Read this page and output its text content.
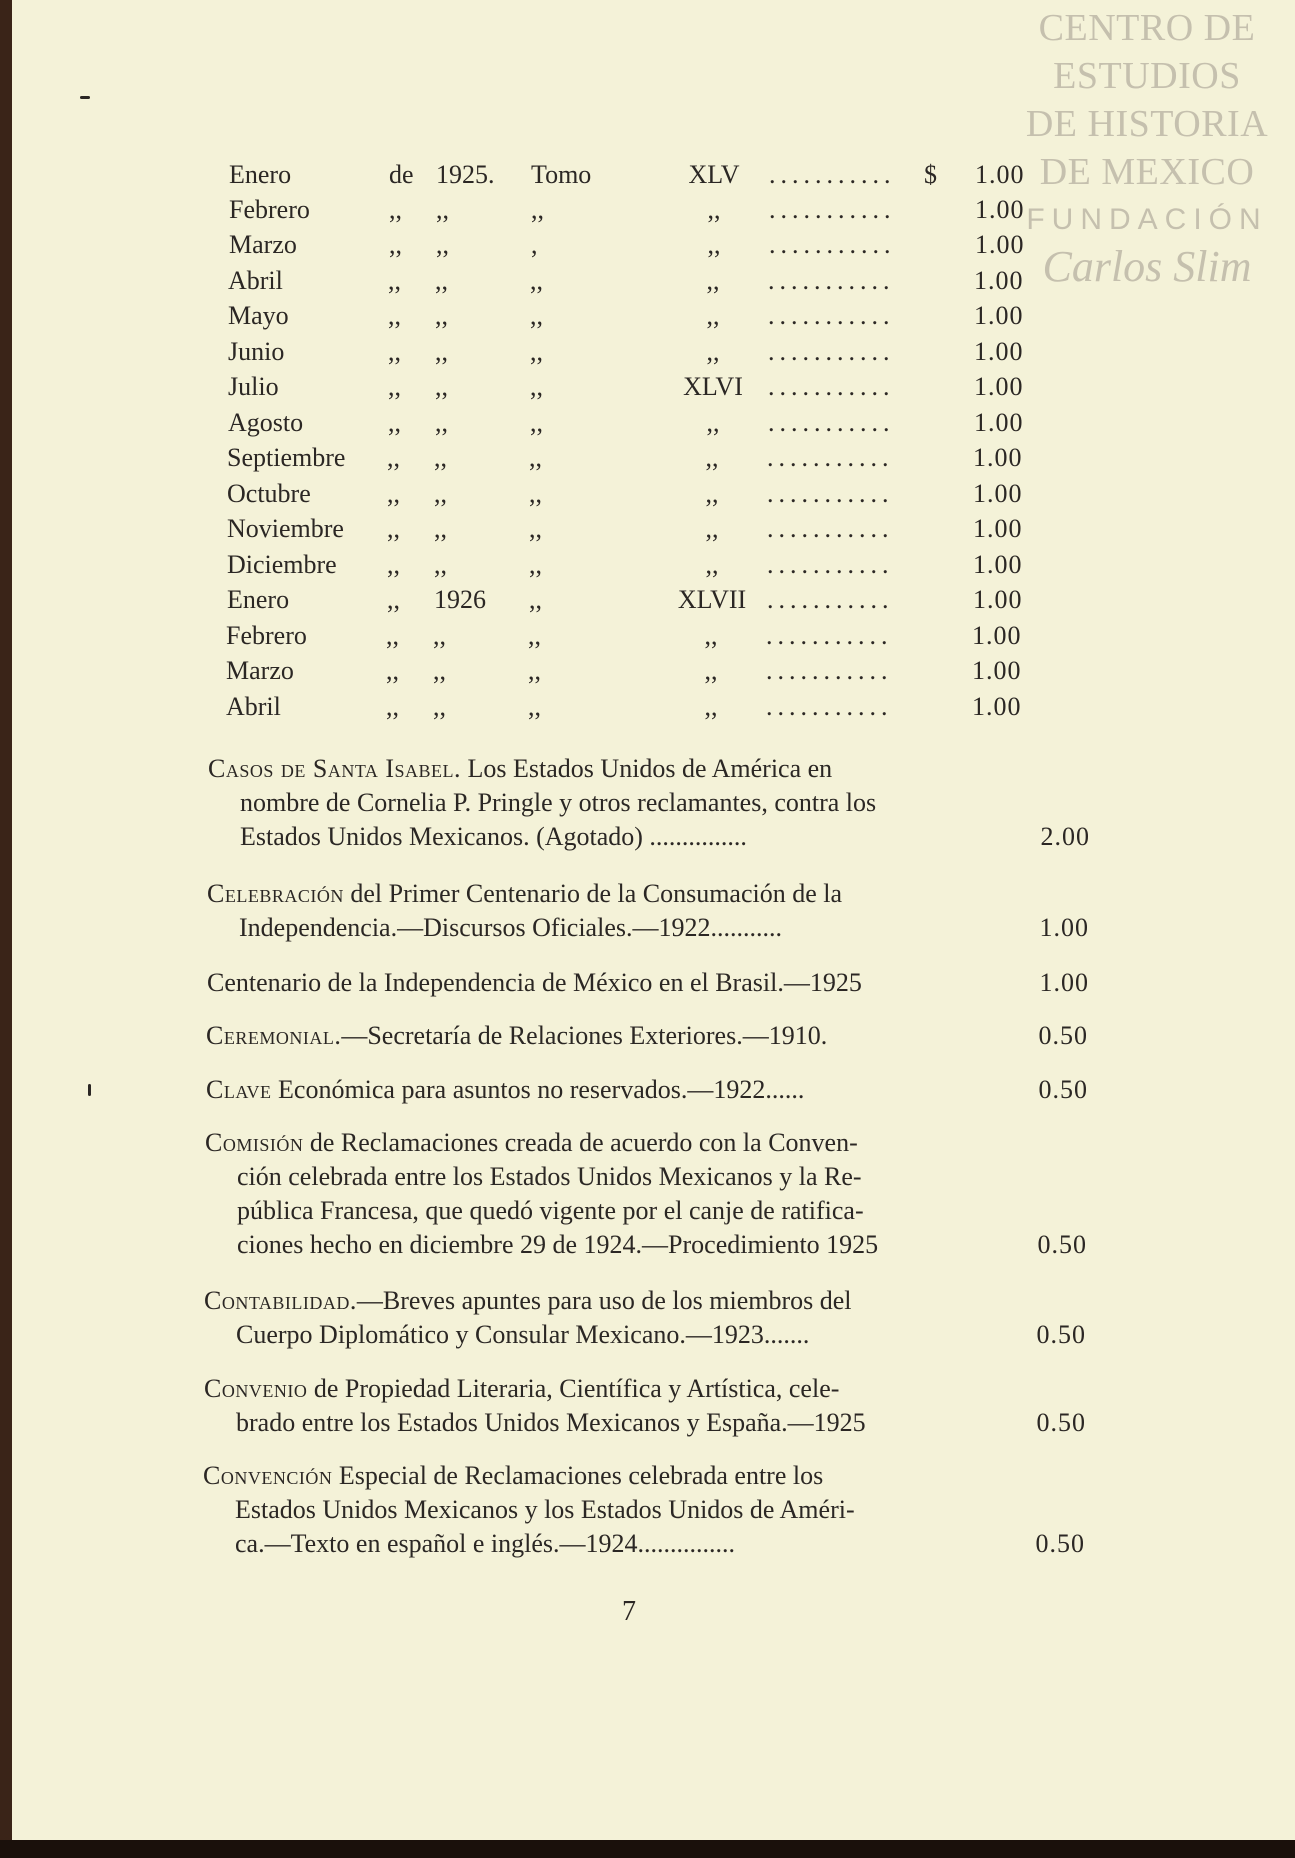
CENTRO DE
ESTUDIOS
DE HISTORIA
DE MEXICO
FUNDACIÓN
Carlos Slim
Enero	de 1925. Tomo	XLV	...........	1.00
$
Febrero	,, ,,	,,	,,	...........	1.00
Marzo	,, ,,	,	,,	...........	1.00
Abril	,, ,,	,,	,,	...........	1.00
Mayo	,, ,,	,,	,,	...........	1.00
Junio	,, ,,	,,	,,	...........	1.00
Julio	,, ,,	,,	XLVI ...........	1.00
Agosto	,, ,,	,,	,,	...........	1.00
Septiembre ,, ,,	,,	,,	...........	1.00
Octubre	,, ,,	,,	,,	...........	1.00
Noviembre ,, ,,	,,	,,	...........	1.00
Diciembre ,, ,,	,,	,,	...........	1.00
Enero	,, 1926 ,,	XLVII ...........	1.00
Febrero	,, ,,	,,	,,	...........	1.00
Marzo	,, ,,	,,	,,	...........	1.00
Abril	,, ,,	,,	,,	...........	1.00

Casos de Santa Isabel. Los Estados Unidos de América en

nombre de Cornelia P. Pringle y otros reclamantes, contra los

Estados Unidos Mexicanos. (Agotado) ...............	2.00

Celebración del Primer Centenario de la Consumación de la

Independencia.—Discursos Oficiales.—1922...........	1.00

Centenario de la Independencia de México en el Brasil.—1925	1.00

Ceremonial.—Secretaría de Relaciones Exteriores.—1910.	0.50

Clave Económica para asuntos no reservados.—1922......	0.50

Comisión de Reclamaciones creada de acuerdo con la Conven-

ción celebrada entre los Estados Unidos Mexicanos y la Re-

pública Francesa, que quedó vigente por el canje de ratifica-

ciones hecho en diciembre 29 de 1924.—Procedimiento 1925	0.50

Contabilidad.—Breves apuntes para uso de los miembros del

Cuerpo Diplomático y Consular Mexicano.—1923.......	0.50

Convenio de Propiedad Literaria, Científica y Artística, cele-

brado entre los Estados Unidos Mexicanos y España.—1925	0.50

Convención Especial de Reclamaciones celebrada entre los

Estados Unidos Mexicanos y los Estados Unidos de Améri-

ca.—Texto en español e inglés.—1924...............	0.50
7
